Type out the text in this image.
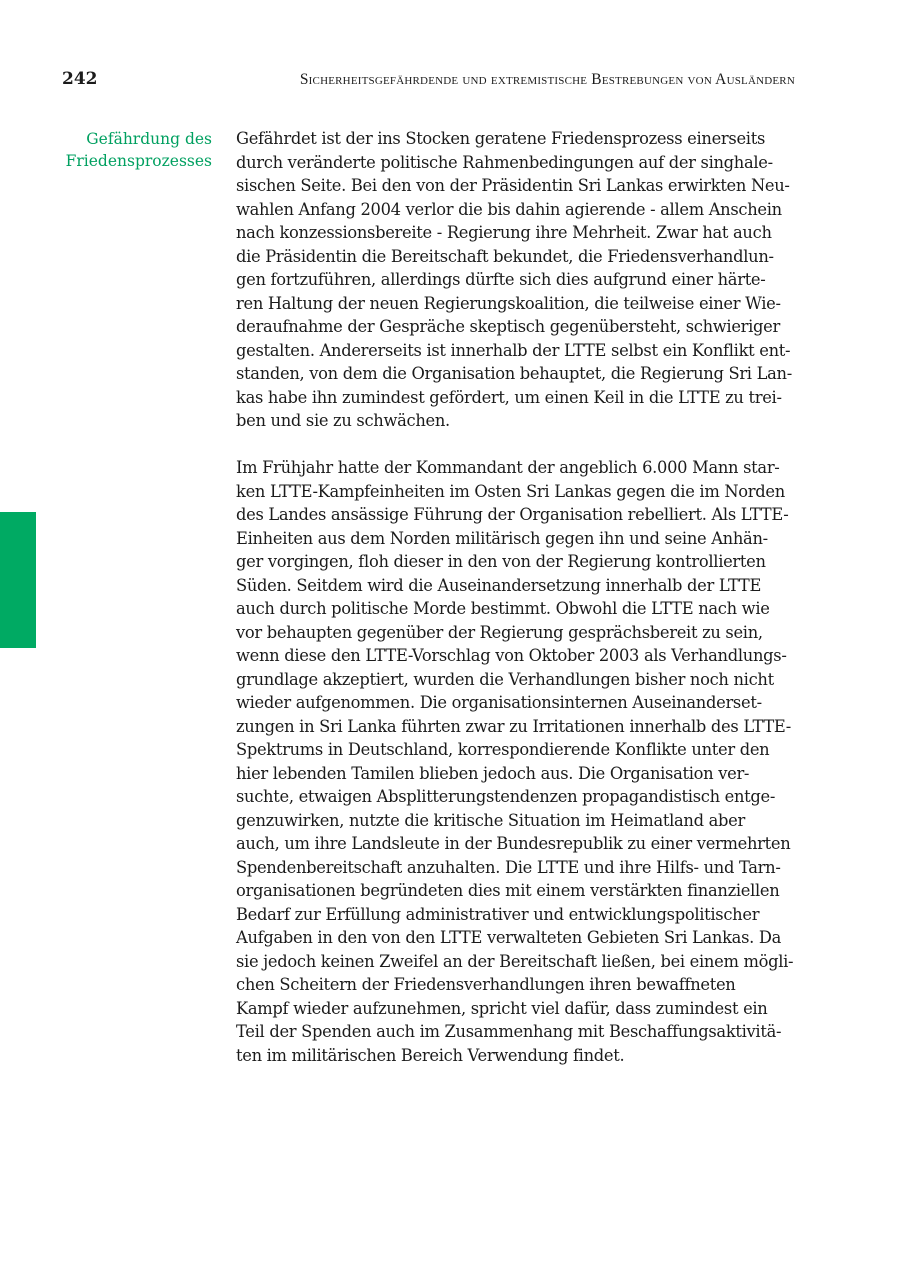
242	Sicherheitsgefährdende und extremistische Bestrebungen von Ausländern
Gefährdung des
Friedensprozesses
Gefährdet ist der ins Stocken geratene Friedensprozess einerseits
durch veränderte politische Rahmenbedingungen auf der singhale-
sischen Seite. Bei den von der Präsidentin Sri Lankas erwirkten Neu-
wahlen Anfang 2004 verlor die bis dahin agierende - allem Anschein
nach konzessionsbereite - Regierung ihre Mehrheit. Zwar hat auch
die Präsidentin die Bereitschaft bekundet, die Friedensverhandlun-
gen fortzuführen, allerdings dürfte sich dies aufgrund einer härte-
ren Haltung der neuen Regierungskoalition, die teilweise einer Wie-
deraufnahme der Gespräche skeptisch gegenübersteht, schwieriger
gestalten. Andererseits ist innerhalb der LTTE selbst ein Konflikt ent-
standen, von dem die Organisation behauptet, die Regierung Sri Lan-
kas habe ihn zumindest gefördert, um einen Keil in die LTTE zu trei-
ben und sie zu schwächen.
Im Frühjahr hatte der Kommandant der angeblich 6.000 Mann star-
ken LTTE-Kampfeinheiten im Osten Sri Lankas gegen die im Norden
des Landes ansässige Führung der Organisation rebelliert. Als LTTE-
Einheiten aus dem Norden militärisch gegen ihn und seine Anhän-
ger vorgingen, floh dieser in den von der Regierung kontrollierten
Süden. Seitdem wird die Auseinandersetzung innerhalb der LTTE
auch durch politische Morde bestimmt. Obwohl die LTTE nach wie
vor behaupten gegenüber der Regierung gesprächsbereit zu sein,
wenn diese den LTTE-Vorschlag von Oktober 2003 als Verhandlungs-
grundlage akzeptiert, wurden die Verhandlungen bisher noch nicht
wieder aufgenommen. Die organisationsinternen Auseinanderset-
zungen in Sri Lanka führten zwar zu Irritationen innerhalb des LTTE-
Spektrums in Deutschland, korrespondierende Konflikte unter den
hier lebenden Tamilen blieben jedoch aus. Die Organisation ver-
suchte, etwaigen Absplitterungstendenzen propagandistisch entge-
genzuwirken, nutzte die kritische Situation im Heimatland aber
auch, um ihre Landsleute in der Bundesrepublik zu einer vermehrten
Spendenbereitschaft anzuhalten. Die LTTE und ihre Hilfs- und Tarn-
organisationen begründeten dies mit einem verstärkten finanziellen
Bedarf zur Erfüllung administrativer und entwicklungspolitischer
Aufgaben in den von den LTTE verwalteten Gebieten Sri Lankas. Da
sie jedoch keinen Zweifel an der Bereitschaft ließen, bei einem mögli-
chen Scheitern der Friedensverhandlungen ihren bewaffneten
Kampf wieder aufzunehmen, spricht viel dafür, dass zumindest ein
Teil der Spenden auch im Zusammenhang mit Beschaffungsaktivitä-
ten im militärischen Bereich Verwendung findet.
